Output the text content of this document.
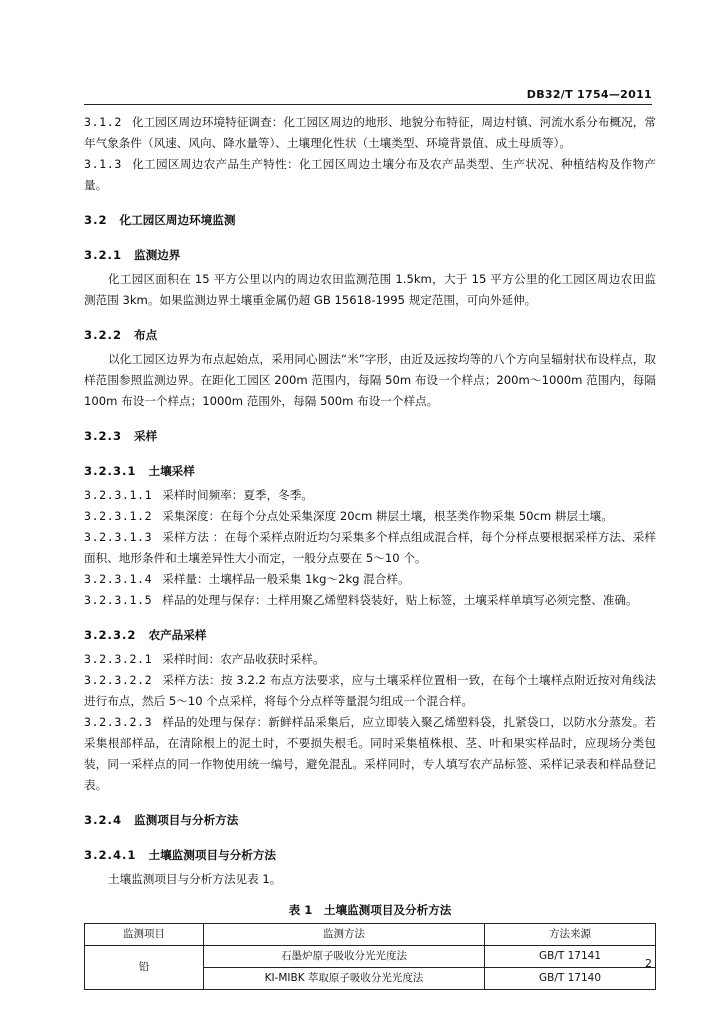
DB32/T 1754—2011

3.1.2 化工园区周边环境特征调查：化工园区周边的地形、地貌分布特征，周边村镇、河流水系分布概况，常年气象条件（风速、风向、降水量等）、土壤理化性状（土壤类型、环境背景值、成土母质等）。

3.1.3 化工园区周边农产品生产特性：化工园区周边土壤分布及农产品类型、生产状况、种植结构及作物产量。

3.2 化工园区周边环境监测

3.2.1 监测边界

化工园区面积在 15 平方公里以内的周边农田监测范围 1.5km，大于 15 平方公里的化工园区周边农田监测范围 3km。如果监测边界土壤重金属仍超 GB 15618-1995 规定范围，可向外延伸。

3.2.2 布点

以化工园区边界为布点起始点，采用同心圆法“米”字形，由近及远按均等的八个方向呈辐射状布设样点，取样范围参照监测边界。在距化工园区 200m 范围内，每隔 50m 布设一个样点；200m～1000m 范围内，每隔 100m 布设一个样点；1000m 范围外，每隔 500m 布设一个样点。

3.2.3 采样

3.2.3.1 土壤采样

3.2.3.1.1 采样时间频率：夏季，冬季。

3.2.3.1.2 采集深度：在每个分点处采集深度 20cm 耕层土壤，根茎类作物采集 50cm 耕层土壤。

3.2.3.1.3 采样方法 ：在每个采样点附近均匀采集多个样点组成混合样，每个分样点要根据采样方法、采样面积、地形条件和土壤差异性大小而定，一般分点要在 5～10 个。

3.2.3.1.4 采样量：土壤样品一般采集 1kg～2kg 混合样。

3.2.3.1.5 样品的处理与保存：土样用聚乙烯塑料袋装好，贴上标签，土壤采样单填写必须完整、准确。

3.2.3.2 农产品采样

3.2.3.2.1 采样时间：农产品收获时采样。

3.2.3.2.2 采样方法：按 3.2.2 布点方法要求，应与土壤采样位置相一致，在每个土壤样点附近按对角线法进行布点，然后 5～10 个点采样，将每个分点样等量混匀组成一个混合样。

3.2.3.2.3 样品的处理与保存：新鲜样品采集后，应立即装入聚乙烯塑料袋，扎紧袋口，以防水分蒸发。若采集根部样品，在清除根上的泥土时，不要损失根毛。同时采集植株根、茎、叶和果实样品时，应现场分类包装，同一采样点的同一作物使用统一编号，避免混乱。采样同时，专人填写农产品标签、采样记录表和样品登记表。

3.2.4 监测项目与分析方法

3.2.4.1 土壤监测项目与分析方法

土壤监测项目与分析方法见表 1。

表 1　土壤监测项目及分析方法
监测项目	监测方法	方法来源
铅	石墨炉原子吸收分光光度法	GB/T 17141
	KI-MIBK 萃取原子吸收分光光度法	GB/T 17140
2
